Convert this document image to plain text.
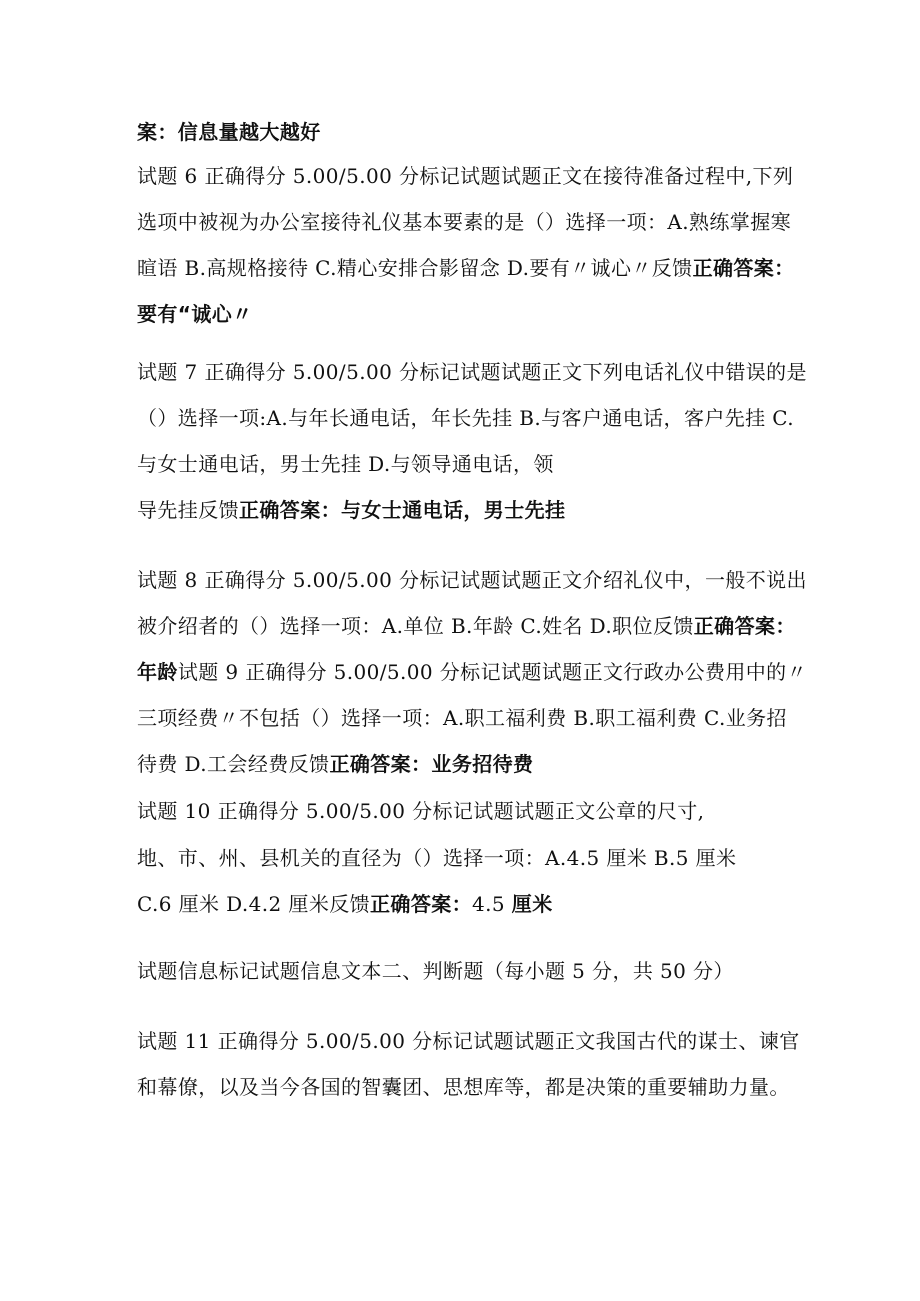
案：信息量越大越好
试题 6 正确得分 5.00/5.00 分标记试题试题正文在接待准备过程中,下列
选项中被视为办公室接待礼仪基本要素的是（）选择一项：A.熟练掌握寒
暄语 B.高规格接待 C.精心安排合影留念 D.要有〃诚心〃反馈正确答案：
要有“诚心〃
试题 7 正确得分 5.00/5.00 分标记试题试题正文下列电话礼仪中错误的是
（）选择一项:A.与年长通电话，年长先挂 B.与客户通电话，客户先挂 C.
与女士通电话，男士先挂 D.与领导通电话，领
导先挂反馈正确答案：与女士通电话，男士先挂
试题 8 正确得分 5.00/5.00 分标记试题试题正文介绍礼仪中，一般不说出
被介绍者的（）选择一项：A.单位 B.年龄 C.姓名 D.职位反馈正确答案：
年龄试题 9 正确得分 5.00/5.00 分标记试题试题正文行政办公费用中的〃
三项经费〃不包括（）选择一项：A.职工福利费 B.职工福利费 C.业务招
待费 D.工会经费反馈正确答案：业务招待费
试题 10 正确得分 5.00/5.00 分标记试题试题正文公章的尺寸,
地、市、州、县机关的直径为（）选择一项：A.4.5 厘米 B.5 厘米
C.6 厘米 D.4.2 厘米反馈正确答案：4.5 厘米
试题信息标记试题信息文本二、判断题（每小题 5 分，共 50 分）
试题 11 正确得分 5.00/5.00 分标记试题试题正文我国古代的谋士、谏官
和幕僚，以及当今各国的智囊团、思想库等，都是决策的重要辅助力量。
